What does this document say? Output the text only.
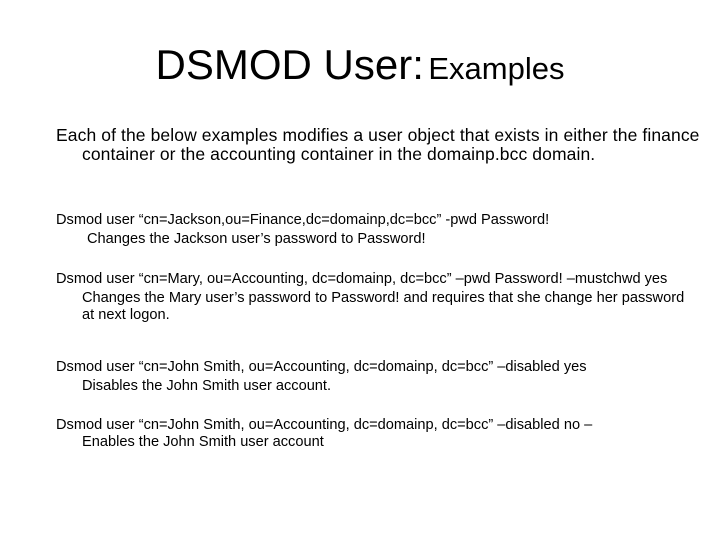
DSMOD User: Examples
Each of the below examples modifies a user object that exists in either the finance container or the accounting container in the domainp.bcc domain.
Dsmod user “cn=Jackson,ou=Finance,dc=domainp,dc=bcc” -pwd Password!
Changes the Jackson user’s password to Password!
Dsmod user “cn=Mary, ou=Accounting, dc=domainp, dc=bcc” –pwd Password! –mustchwd yes
Changes the Mary user’s password to Password! and requires that she change her password at next logon.
Dsmod user “cn=John Smith, ou=Accounting, dc=domainp, dc=bcc” –disabled yes
Disables the John Smith user account.
Dsmod user “cn=John Smith, ou=Accounting, dc=domainp, dc=bcc” –disabled no –
Enables the John Smith user account
